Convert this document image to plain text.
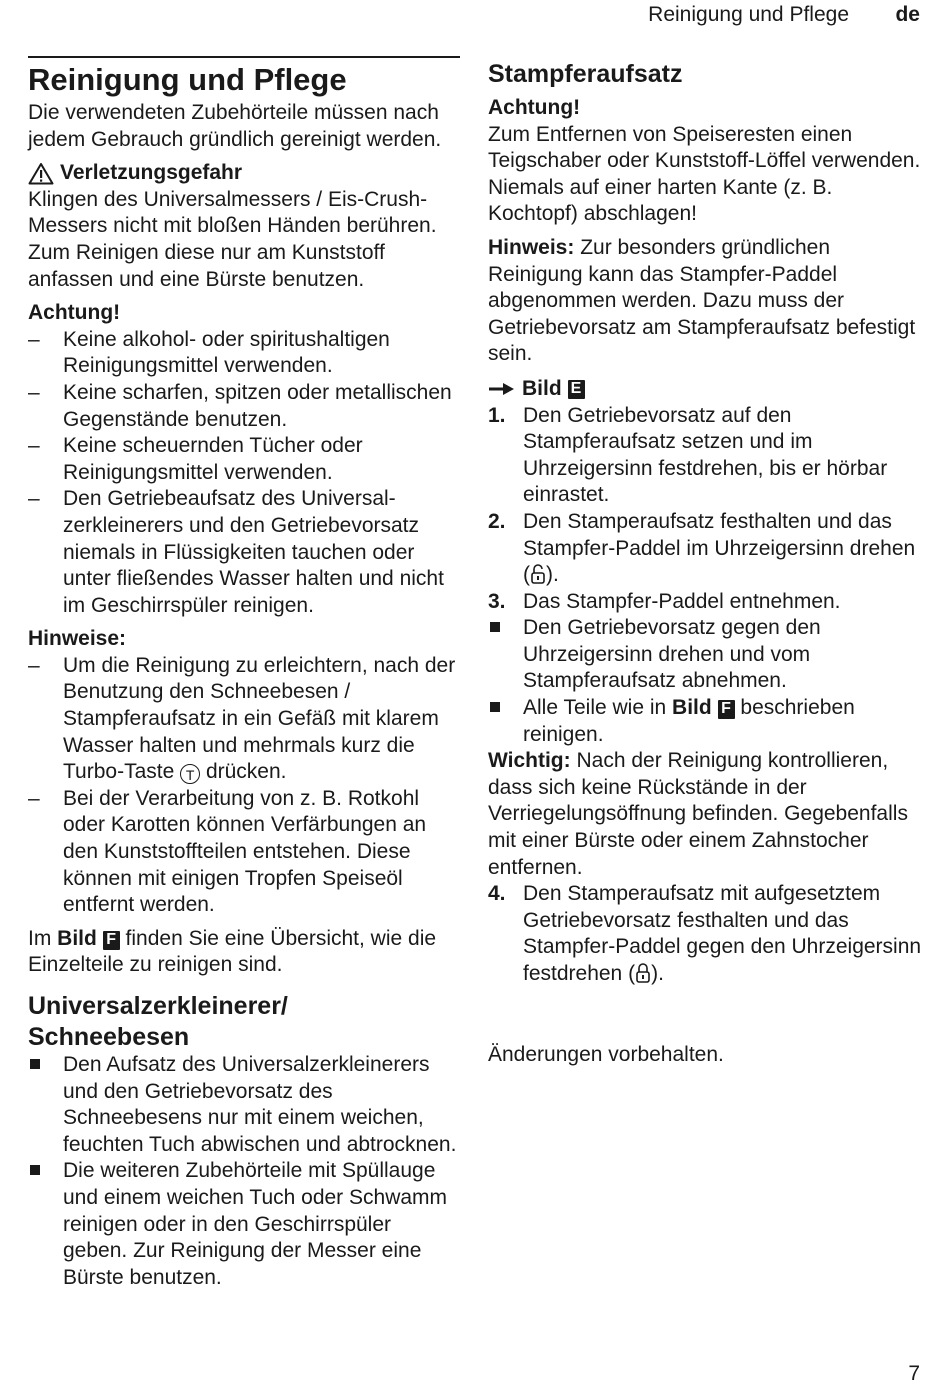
Reinigung und Pflege de
Reinigung und Pflege

Die verwendeten Zubehörteile müssen nach jedem Gebrauch gründlich gereinigt werden.

Verletzungsgefahr

Klingen des Universalmessers / Eis-Crush-Messers nicht mit bloßen Händen berühren. Zum Reinigen diese nur am Kunststoff anfassen und eine Bürste benutzen.

Achtung!

–	Keine alkohol- oder spiritushaltigen Reinigungsmittel verwenden.
–	Keine scharfen, spitzen oder metallischen Gegenstände benutzen.
–	Keine scheuernden Tücher oder Reinigungsmittel verwenden.
–	Den Getriebeaufsatz des Universal-zerkleinerers und den Getriebevorsatz niemals in Flüssigkeiten tauchen oder unter fließendes Wasser halten und nicht im Geschirrspüler reinigen.

Hinweise:

–	Um die Reinigung zu erleichtern, nach der Benutzung den Schneebesen / Stampferaufsatz in ein Gefäß mit klarem Wasser halten und mehrmals kurz die Turbo-Taste T drücken.
–	Bei der Verarbeitung von z. B. Rotkohl oder Karotten können Verfärbungen an den Kunststoffteilen entstehen. Diese können mit einigen Tropfen Speiseöl entfernt werden.

Im Bild F finden Sie eine Übersicht, wie die Einzelteile zu reinigen sind.

Universalzerkleinerer/
Schneebesen
Den Aufsatz des Universalzerkleinerers und den Getriebevorsatz des Schneebesens nur mit einem weichen, feuchten Tuch abwischen und abtrocknen.
Die weiteren Zubehörteile mit Spüllauge und einem weichen Tuch oder Schwamm reinigen oder in den Geschirrspüler geben. Zur Reinigung der Messer eine Bürste benutzen.
Stampferaufsatz

Achtung!

Zum Entfernen von Speiseresten einen Teigschaber oder Kunststoff-Löffel verwenden. Niemals auf einer harten Kante (z. B. Kochtopf) abschlagen!

Hinweis: Zur besonders gründlichen Reinigung kann das Stampfer-Paddel abgenommen werden. Dazu muss der Getriebevorsatz am Stampferaufsatz befestigt sein.

Bild
E
1. Den Getriebevorsatz auf den Stampferaufsatz setzen und im Uhrzeigersinn festdrehen, bis er hörbar einrastet.
2. Den Stamperaufsatz festhalten und das Stampfer-Paddel im Uhrzeigersinn drehen ( ).
3. Das Stampfer-Paddel entnehmen.
Den Getriebevorsatz gegen den Uhrzeigersinn drehen und vom Stampferaufsatz abnehmen.
Alle Teile wie in Bild F beschrieben reinigen.

Wichtig: Nach der Reinigung kontrollieren, dass sich keine Rückstände in der Verriegelungsöffnung befinden. Gegebenfalls mit einer Bürste oder einem Zahnstocher entfernen.

4. Den Stamperaufsatz mit aufgesetztem Getriebevorsatz festhalten und das Stampfer-Paddel gegen den Uhrzeigersinn festdrehen ( ).

Änderungen vorbehalten.

7
